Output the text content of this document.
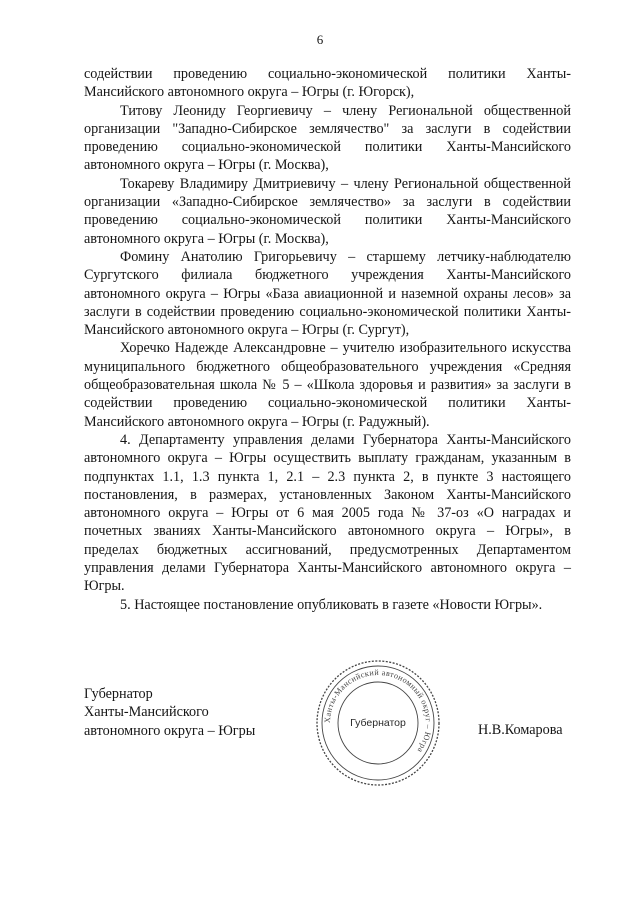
6

содействии проведению социально-экономической политики Ханты-Мансийского автономного округа – Югры (г. Югорск),

Титову Леониду Георгиевичу – члену Региональной общественной организации "Западно-Сибирское землячество" за заслуги в содействии проведению социально-экономической политики Ханты-Мансийского автономного округа – Югры (г. Москва),

Токареву Владимиру Дмитриевичу – члену Региональной общественной организации «Западно-Сибирское землячество» за заслуги в содействии проведению социально-экономической политики Ханты-Мансийского автономного округа – Югры (г. Москва),

Фомину Анатолию Григорьевичу – старшему летчику-наблюдателю Сургутского филиала бюджетного учреждения Ханты-Мансийского автономного округа – Югры «База авиационной и наземной охраны лесов» за заслуги в содействии проведению социально-экономической политики Ханты-Мансийского автономного округа – Югры (г. Сургут),

Хоречко Надежде Александровне – учителю изобразительного искусства муниципального бюджетного общеобразовательного учреждения «Средняя общеобразовательная школа № 5 – «Школа здоровья и развития» за заслуги в содействии проведению социально-экономической политики Ханты-Мансийского автономного округа – Югры (г. Радужный).

4. Департаменту управления делами Губернатора Ханты-Мансийского автономного округа – Югры осуществить выплату гражданам, указанным в подпунктах 1.1, 1.3 пункта 1, 2.1 – 2.3 пункта 2, в пункте 3 настоящего постановления, в размерах, установленных Законом Ханты-Мансийского автономного округа – Югры от 6 мая 2005 года № 37-оз «О наградах и почетных званиях Ханты-Мансийского автономного округа – Югры», в пределах бюджетных ассигнований, предусмотренных Департаментом управления делами Губернатора Ханты-Мансийского автономного округа – Югры.

5. Настоящее постановление опубликовать в газете «Новости Югры».

Губернатор
Ханты-Мансийского
автономного округа – Югры
Ханты-Мансийский автономный округ – Югра
Губернатор	Н.В.Комарова
